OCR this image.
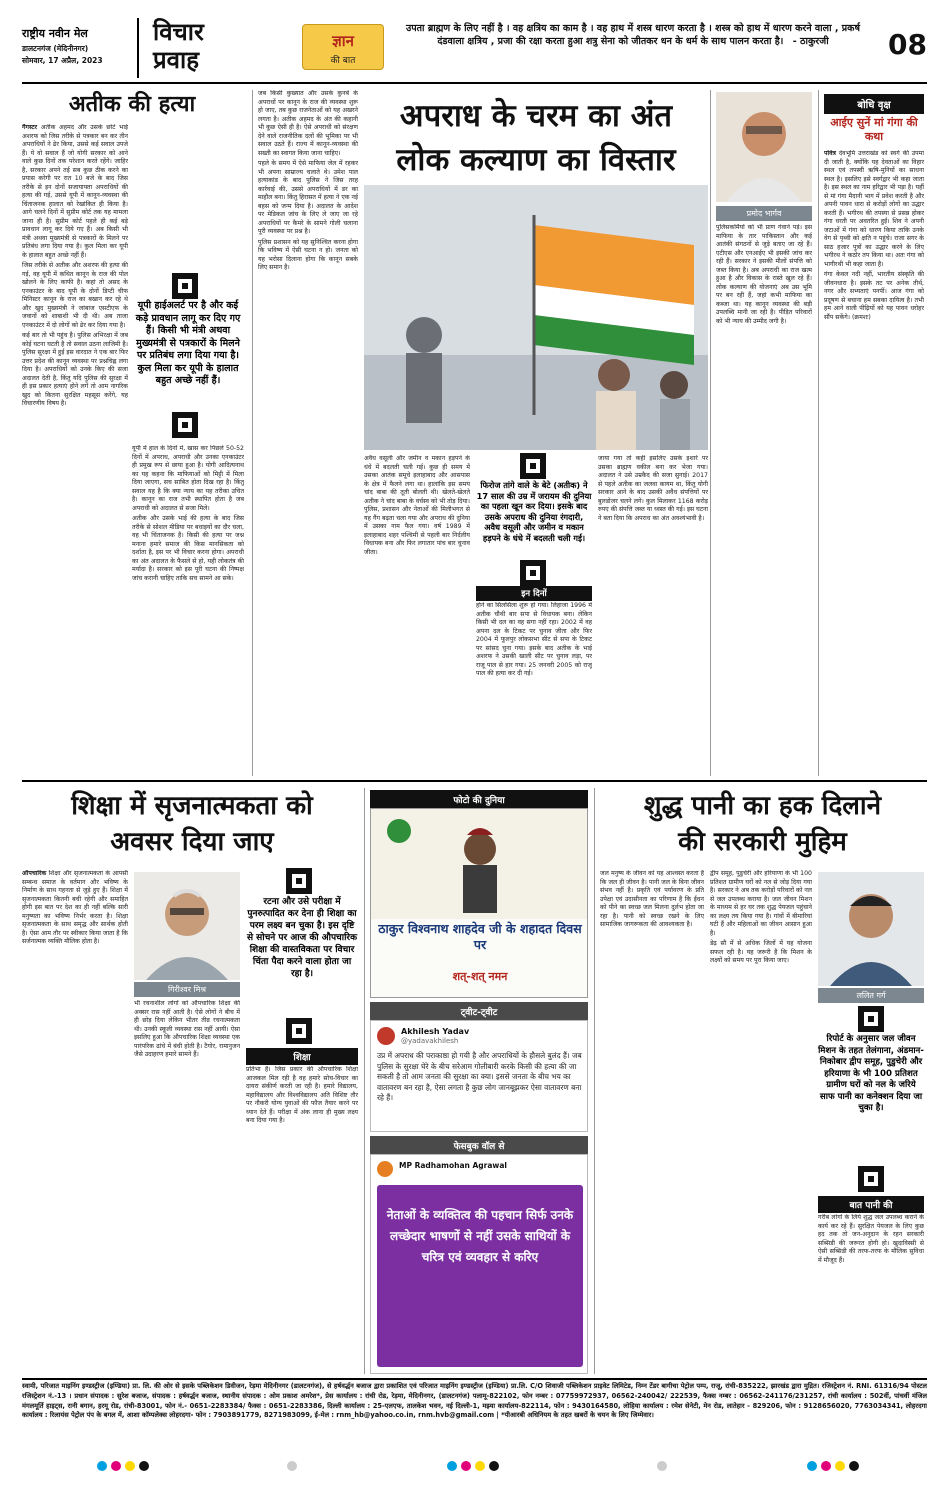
राष्ट्रीय नवीन मेल
डालटनगंज (मेदिनीनगर)
सोमवार, 17 अप्रैल, 2023
विचार
प्रवाह
ज्ञान
की बात
उपता ब्राह्मण के लिए नहीं है । वह क्षत्रिय का काम है । वह हाथ में शस्त्र धारण करता है । शस्त्र को हाथ में धारण करने वाला , प्रकर्ष दंडवाला क्षत्रिय , प्रजा की रक्षा करता हुआ शत्रु सेना को जीतकर धन के धर्म के साथ पालन करता है। - ठाकुरजी	08
अतीक की हत्या

गैंगस्टर अतीक अहमद और उसके छोटे भाई अशरफ को जिस तरीके से पत्रकार बन कर तीन अपराधियों ने ढेर किया, उससे कई सवाल उपजे हैं। ये वो सवाल हैं जो योगी सरकार को आने वाले कुछ दिनों तक परेशान करते रहेंगे। जाहिर है, सरकार अपने तई सब कुछ ठीक करने का प्रयास करेगी पर रात 10 बजे के बाद जिस तरीके से इन दोनों सजायाफ्ता अपराधियों की हत्या की गई, उससे यूपी में कानून-व्यवस्था की चिंताजनक हालात को रेखांकित ही किया है। आगे चलने दिनों में सुप्रीम कोर्ट तक यह मामला जाना ही है। सुप्रीम कोर्ट पहले ही कई बड़े प्रावधान लागू कर दिये गए हैं। अब किसी भी मंत्री अथवा मुख्यमंत्री से पत्रकारों के मिलने पर प्रतिबंध लगा दिया गया है। कुल मिला कर यूपी के हालात बहुत अच्छे नहीं हैं।

जिस तरीके से अतीक और अशरफ की हत्या की गई, वह यूपी में कथित कानून के राज की पोल खोलने के लिए काफी है। कहां तो असद के एनकाउंटर के बाद यूपी के दोनों डिप्टी चीफ मिनिस्टर कानून के राज का बखान कर रहे थे और खुद मुख्यमंत्री ने जांबाज एसटीएफ के जवानों को शाबाशी भी दी थी। अब ताजा एनकाउंटर में दो लोगों को ढेर कर दिया गया है।

कई बार तो भी पहुंच है। पुलिस अभिरक्षा में जब कोई घटना घटती है तो सवाल उठना लाजिमी है। पुलिस सुरक्षा में हुई इस वारदात ने एक बार फिर उत्तर प्रदेश की कानून व्यवस्था पर प्रश्नचिह्न लगा दिया है। अपराधियों को उनके किए की सजा अदालत देती है, किंतु यदि पुलिस की सुरक्षा में ही इस प्रकार हत्याएं होने लगें तो आम नागरिक खुद को कितना सुरक्षित महसूस करेंगे, यह विचारणीय विषय है।

यूपी हाईअलर्ट पर है और कई कड़े प्रावधान लागू कर दिए गए हैं। किसी भी मंत्री अथवा मुख्यमंत्री से पत्रकारों के मिलने पर प्रतिबंध लगा दिया गया है। कुल मिला कर यूपी के हालात बहुत अच्छे नहीं हैं।

यूपी में हाल के दिनों में, खास कर पिछले 50-52 दिनों में अपराध, अपराधी और उनका एनकाउंटर ही प्रमुख रूप से छाया हुआ है। योगी आदित्यनाथ का यह कहना कि माफियाओं को मिट्टी में मिला दिया जाएगा, सच साबित होता दिख रहा है। किंतु सवाल यह है कि क्या न्याय का यह तरीका उचित है। कानून का राज तभी स्थापित होता है जब अपराधी को अदालत से सजा मिले।

अतीक और उसके भाई की हत्या के बाद जिस तरीके से सोशल मीडिया पर बधाइयों का दौर चला, वह भी चिंताजनक है। किसी की हत्या पर जश्न मनाना हमारे समाज की किस मानसिकता को दर्शाता है, इस पर भी विचार करना होगा। अपराधी का अंत अदालत के फैसले से हो, यही लोकतंत्र की मर्यादा है। सरकार को इस पूरी घटना की निष्पक्ष जांच करानी चाहिए ताकि सच सामने आ सके।

जब किसी कुख्यात और उसके कुनबे के अपराधों पर कानून के राज की व्यवस्था शुरू हो जाए, तब कुछ राजनेताओं को यह अखरने लगता है। अतीक अहमद के अंत की कहानी भी कुछ ऐसी ही है। ऐसे अपराधी को संरक्षण देने वाले राजनीतिक दलों की भूमिका पर भी सवाल उठते हैं। राज्य में कानून-व्यवस्था की सख्ती का स्वागत किया जाना चाहिए।

पहले के समय में ऐसे माफिया जेल में रहकर भी अपना साम्राज्य चलाते थे। उमेश पाल हत्याकांड के बाद पुलिस ने जिस तरह कार्रवाई की, उससे अपराधियों में डर का माहौल बना। किंतु हिरासत में हत्या ने एक नई बहस को जन्म दिया है। अदालत के आदेश पर मेडिकल जांच के लिए ले जाए जा रहे अपराधियों पर कैमरे के सामने गोली चलाना पूरी व्यवस्था पर प्रश्न है।

पुलिस प्रशासन को यह सुनिश्चित करना होगा कि भविष्य में ऐसी घटना न हो। जनता को यह भरोसा दिलाना होगा कि कानून सबके लिए समान है।

अपराध के चरम का अंत
लोक कल्याण का विस्तार
प्रमोद भार्गव

पुलिसकर्मियों को भी प्राण गंवाने पड़े। इस माफिया के तार पाकिस्तान और कई आतंकी संगठनों से जुड़े बताए जा रहे हैं। एटीएस और एनआईए भी इसकी जांच कर रही हैं। सरकार ने इसकी मीलों संपत्ति को जब्त किया है। अब अपराधी का राज खत्म हुआ है और विकास के रास्ते खुल रहे हैं। लोक कल्याण की योजनाएं अब उस भूमि पर बन रही हैं, जहां कभी माफिया का कब्जा था। यह कानून व्यवस्था की बड़ी उपलब्धि मानी जा रही है। पीड़ित परिवारों को भी न्याय की उम्मीद जगी है।

अवैध वसूली और जमीन व मकान हड़पने के धंधे में बदलती चली गई। कुछ ही समय में उसका आतंक समूचे इलाहाबाद और आसपास के क्षेत्र में फैलने लगा था। हालांकि इस समय चांद बाबा की तूती बोलती थी। खेलते-खेलते अतीक ने चांद बाबा के वर्चस्व को भी तोड़ दिया। पुलिस, प्रशासन और नेताओं की मिलीभगत से यह गैंग बढ़ता चला गया और अपराध की दुनिया में उसका नाम फैल गया। वर्ष 1989 में इलाहाबाद शहर पश्चिमी से पहली बार निर्दलीय विधायक बना और फिर लगातार पांच बार चुनाव जीता।

फिरोज तांगे वाले के बेटे (अतीक) ने 17 साल की उम्र में जरायम की दुनिया का पहला खून कर दिया। इसके बाद उसके अपराध की दुनिया रंगदारी, अवैध वसूली और जमीन व मकान हड़पने के धंधे में बदलती चली गई।
इन दिनों

होने का सिलसिला शुरू हो गया। लिहाजा 1996 में अतीक चौथी बार सपा से विधायक बना। लेकिन किसी भी दल का वह सगा नहीं रहा। 2002 में वह अपना दल के टिकट पर चुनाव जीता और फिर 2004 में फूलपुर लोकसभा सीट से सपा के टिकट पर सांसद चुना गया। इसके बाद अतीक के भाई अशरफ ने उसकी खाली सीट पर चुनाव लड़ा, पर राजू पाल से हार गया। 25 जनवरी 2005 को राजू पाल की हत्या कर दी गई।

जाया गया तो कहीं इसलिए उसके इशारे पर उसका ब्राह्मण वकील बना कर भेजा गया। अदालत ने उसे उम्रकैद की सजा सुनाई। 2017 से पहले अतीक का जलवा कायम था, किंतु योगी सरकार आने के बाद उसकी अवैध संपत्तियों पर बुलडोजर चलने लगे। कुल मिलाकर 1168 करोड़ रुपए की संपत्ति जब्त या ध्वस्त की गई। इस घटना ने बता दिया कि अपराध का अंत अवश्यंभावी है।

बोधि वृक्ष
आईए सुनें मां गंगा की कथा

पवित्र देवभूमि उत्तराखंड को स्वर्ग की उपमा दी जाती है, क्योंकि यह देवताओं का विहार स्थल एवं तपस्वी ऋषि-मुनियों का साधना स्थल है। इसलिए इसे स्वर्गद्वार भी कहा जाता है। इस स्थल का नाम हरिद्वार भी पड़ा है। यहीं से मां गंगा मैदानी भाग में प्रवेश करती है और अपनी पावन धारा से करोड़ों लोगों का उद्धार करती हैं। भगीरथ की तपस्या से प्रसन्न होकर गंगा धरती पर अवतरित हुईं। शिव ने अपनी जटाओं में गंगा को धारण किया ताकि उनके वेग से पृथ्वी को क्षति न पहुंचे। राजा सगर के साठ हजार पुत्रों का उद्धार करने के लिए भगीरथ ने कठोर तप किया था। अतः गंगा को भागीरथी भी कहा जाता है।

गंगा केवल नदी नहीं, भारतीय संस्कृति की जीवनधारा है। इसके तट पर अनेक तीर्थ, नगर और सभ्यताएं पनपीं। आज गंगा को प्रदूषण से बचाना हम सबका दायित्व है। तभी हम आने वाली पीढ़ियों को यह पावन धरोहर सौंप सकेंगे। (क्रमशः)

शिक्षा में सृजनात्मकता को
अवसर दिया जाए

औपचारिक शिक्षा और सृजनात्मकता के आपसी सम्बन्ध समाज के वर्तमान और भविष्य के निर्माण के साथ गहनता से जुड़े हुए हैं। शिक्षा में सृजनात्मकता कितनी बची रहेगी और समाहित होगी इस बात पर देश का ही नहीं बल्कि सारी मनुष्यता का भविष्य निर्भर करता है। शिक्षा सृजनात्मकता के साथ समृद्ध और सार्थक होती है। ऐसा आम तौर पर स्वीकार किया जाता है कि सर्जनात्मक व्यक्ति मौलिक होता है।

गिरीश्वर मिश्र

भी रचनाशील लोगों को औपचारिक शिक्षा की अक्सर रास नहीं आती है। ऐसे लोगों ने बीच में ही छोड़ दिया लेकिन भीतर तीव्र रचनात्मकता थी। उनकी स्कूली व्यवस्था रास नहीं आयी। ऐसा इसलिए हुआ कि औपचारिक शिक्षा व्यवस्था एक पारंपरिक ढांचे में बंधी होती है। टैगोर, रामानुजन जैसे उदाहरण हमारे सामने हैं।

रटना और उसे परीक्षा में पुनरुत्पादित कर देना ही शिक्षा का परम लक्ष्य बन चुका है। इस दृष्टि से सोचने पर आज की औपचारिक शिक्षा की वास्तविकता पर विचार चिंता पैदा करने वाला होता जा रहा है।
शिक्षा

प्रतिभा है। जिस प्रकार की औपचारिक शिक्षा आजकल मिल रही है वह हमारे सोच-विचार का दायरा संकीर्ण करती जा रही है। हमारे विद्यालय, महाविद्यालय और विश्वविद्यालय अति विशिष्ट तौर पर नौकरी योग्य युवाओं की फौज तैयार करने पर ध्यान देते हैं। परीक्षा में अंक लाना ही मुख्य लक्ष्य बना दिया गया है।

फोटो की दुनिया
ठाकुर विश्वनाथ शाहदेव जी के शहादत दिवस पर
शत्-शत् नमन
ट्वीट-ट्वीट
Akhilesh Yadav
@yadavakhilesh
उप्र में अपराध की पराकाष्ठा हो गयी है और अपराधियों के हौसले बुलंद हैं। जब पुलिस के सुरक्षा घेरे के बीच सरेआम गोलीबारी करके किसी की हत्या की जा सकती है तो आम जनता की सुरक्षा का क्या। इससे जनता के बीच भय का वातावरण बन रहा है, ऐसा लगता है कुछ लोग जानबूझकर ऐसा वातावरण बना रहे हैं।
फेसबुक वॉल से
MP Radhamohan Agrawal
नेताओं के व्यक्तित्व की पहचान सिर्फ उनके लच्छेदार भाषणों से नहीं उसके साथियों के चरित्र एवं व्यवहार से करिए
शुद्ध पानी का हक दिलाने
की सरकारी मुहिम

जल मनुष्य के जीवन को यह आश्वस्त करता है कि जल ही जीवन है। पानी जल के बिना जीवन संभव नहीं है। प्रकृति एवं पर्यावरण के प्रति उपेक्षा एवं उदासीनता का परिणाम है कि ईंधन को पीने का स्वच्छ जल मिलना दुर्लभ होता जा रहा है। पानी को स्वच्छ रखने के लिए सामाजिक जागरूकता की आवश्यकता है।

द्वीप समूह, पुडुचेरी और हरियाणा के भी 100 प्रतिशत ग्रामीण घरों को नल से जोड़ दिया गया है। सरकार ने अब तक करोड़ों परिवारों को नल से जल उपलब्ध कराया है। जल जीवन मिशन के माध्यम से हर घर तक शुद्ध पेयजल पहुंचाने का लक्ष्य तय किया गया है। गांवों में बीमारियां घटी हैं और महिलाओं का जीवन आसान हुआ है।

डेढ़ सौ में से अधिक जिलों में यह योजना सफल रही है। यह जरूरी है कि मिशन के लक्ष्यों को समय पर पूरा किया जाए।

ललित गर्ग
रिपोर्ट के अनुसार जल जीवन मिशन के तहत तेलंगाना, अंडमान-निकोबार द्वीप समूह, पुडुचेरी और हरियाणा के भी 100 प्रतिशत ग्रामीण घरों को नल के जरिये साफ पानी का कनेक्शन दिया जा चुका है।
बात पानी की

गरीब लोगों के लिये शुद्ध जल उपलब्ध कराने के कार्य कर रहे हैं। सुरक्षित पेयजल के लिए कुछ हद तक तो जन-अनुदान के रहन सरकारी सब्सिडी की जरूरत होगी हो। खुदाविस्सी से ऐसी सब्सिडी की तरफ-तरफ के मौलिक सुविधा में मौजूद हैं।

स्वामी, परिजात माइनिंग इण्डस्ट्रीज (इण्डिया) प्रा. लि. की ओर से इसके पब्लिकेशन डिवीजन, रेड़मा मेदिनीनगर (डालटनगंज), से हर्षवर्द्धन बजाज द्वारा प्रकाशित एवं परिजात माइनिंग इण्डस्ट्रीज (इण्डिया) प्रा.लि. C/O शिवाजी पब्लिकेशन प्राइवेट लिमिटेड, निम्न टेंडर बागीचा पेट्रोल पम्प, राजू, रांची-835222, झारखंड द्वारा मुद्रित। रजिस्ट्रेशन नं. RNI. 61316/94 पोस्टल रजिस्ट्रेशन नं.-13 । प्रधान संपादक : सुरेश बजाज, संपादक : हर्षवर्द्धन बजाज, स्थानीय संपादक : ओम प्रकाश अमरेश*, प्रेस कार्यालय : रांची रोड, रेड़मा, मेदिनीनगर, (डालटनगंज) पलामू-822102, फोन नम्बर : 07759972937, 06562-240042/ 222539, फैक्स नम्बर : 06562-241176/231257, रांची कार्यालय : 502वीं, पांचवीं मंजिल मंगलमूर्ति हाइट्स, रानी बगान, हरमू रोड, रांची-83001, फोन नं.- 0651-2283384/ फैक्स : 0651-2283386, दिल्ली कार्यालय : 25-एलएफ, तालकेश भवन, नई दिल्ली-1, मझ्या कार्यालय-822114, फोन : 9430164580, लोहिया कार्यालय : रमेश सेनेटी, मेन रोड, लातेहार - 829206, फोन : 9128656020, 7763034341, लोहरदगा कार्यालय : रिलायंस पेट्रोल पंप के बगल में, आशा कॉम्पलेक्स लोहरदगा- फोन : 7903891779, 8271983099, ई-मेल : rnm_hb@yahoo.co.in, rnm.hvb@gmail.com | *पीआरबी अधिनियम के तहत खबरों के चयन के लिए जिम्मेवार।
